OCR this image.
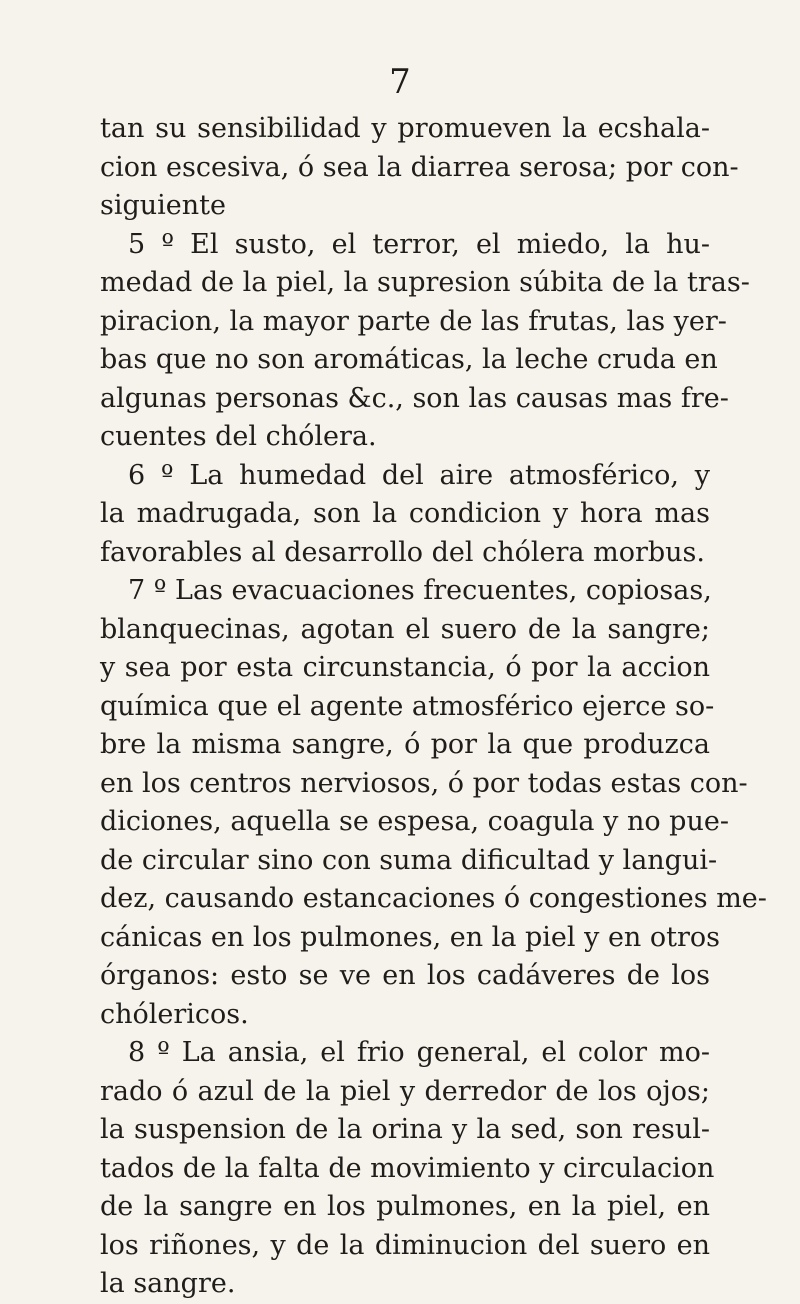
7
tan su sensibilidad y promueven la ecshala-
cion escesiva, ó sea la diarrea serosa; por con-
siguiente
5 º El susto, el terror, el miedo, la hu-
medad de la piel, la supresion súbita de la tras-
piracion, la mayor parte de las frutas, las yer-
bas que no son aromáticas, la leche cruda en
algunas personas &c., son las causas mas fre-
cuentes del chólera.
6 º La humedad del aire atmosférico, y
la madrugada, son la condicion y hora mas
favorables al desarrollo del chólera morbus.
7 º Las evacuaciones frecuentes, copiosas,
blanquecinas, agotan el suero de la sangre;
y sea por esta circunstancia, ó por la accion
química que el agente atmosférico ejerce so-
bre la misma sangre, ó por la que produzca
en los centros nerviosos, ó por todas estas con-
diciones, aquella se espesa, coagula y no pue-
de circular sino con suma dificultad y langui-
dez, causando estancaciones ó congestiones me-
cánicas en los pulmones, en la piel y en otros
órganos: esto se ve en los cadáveres de los
chólericos.
8 º La ansia, el frio general, el color mo-
rado ó azul de la piel y derredor de los ojos;
la suspension de la orina y la sed, son resul-
tados de la falta de movimiento y circulacion
de la sangre en los pulmones, en la piel, en
los riñones, y de la diminucion del suero en
la sangre.
